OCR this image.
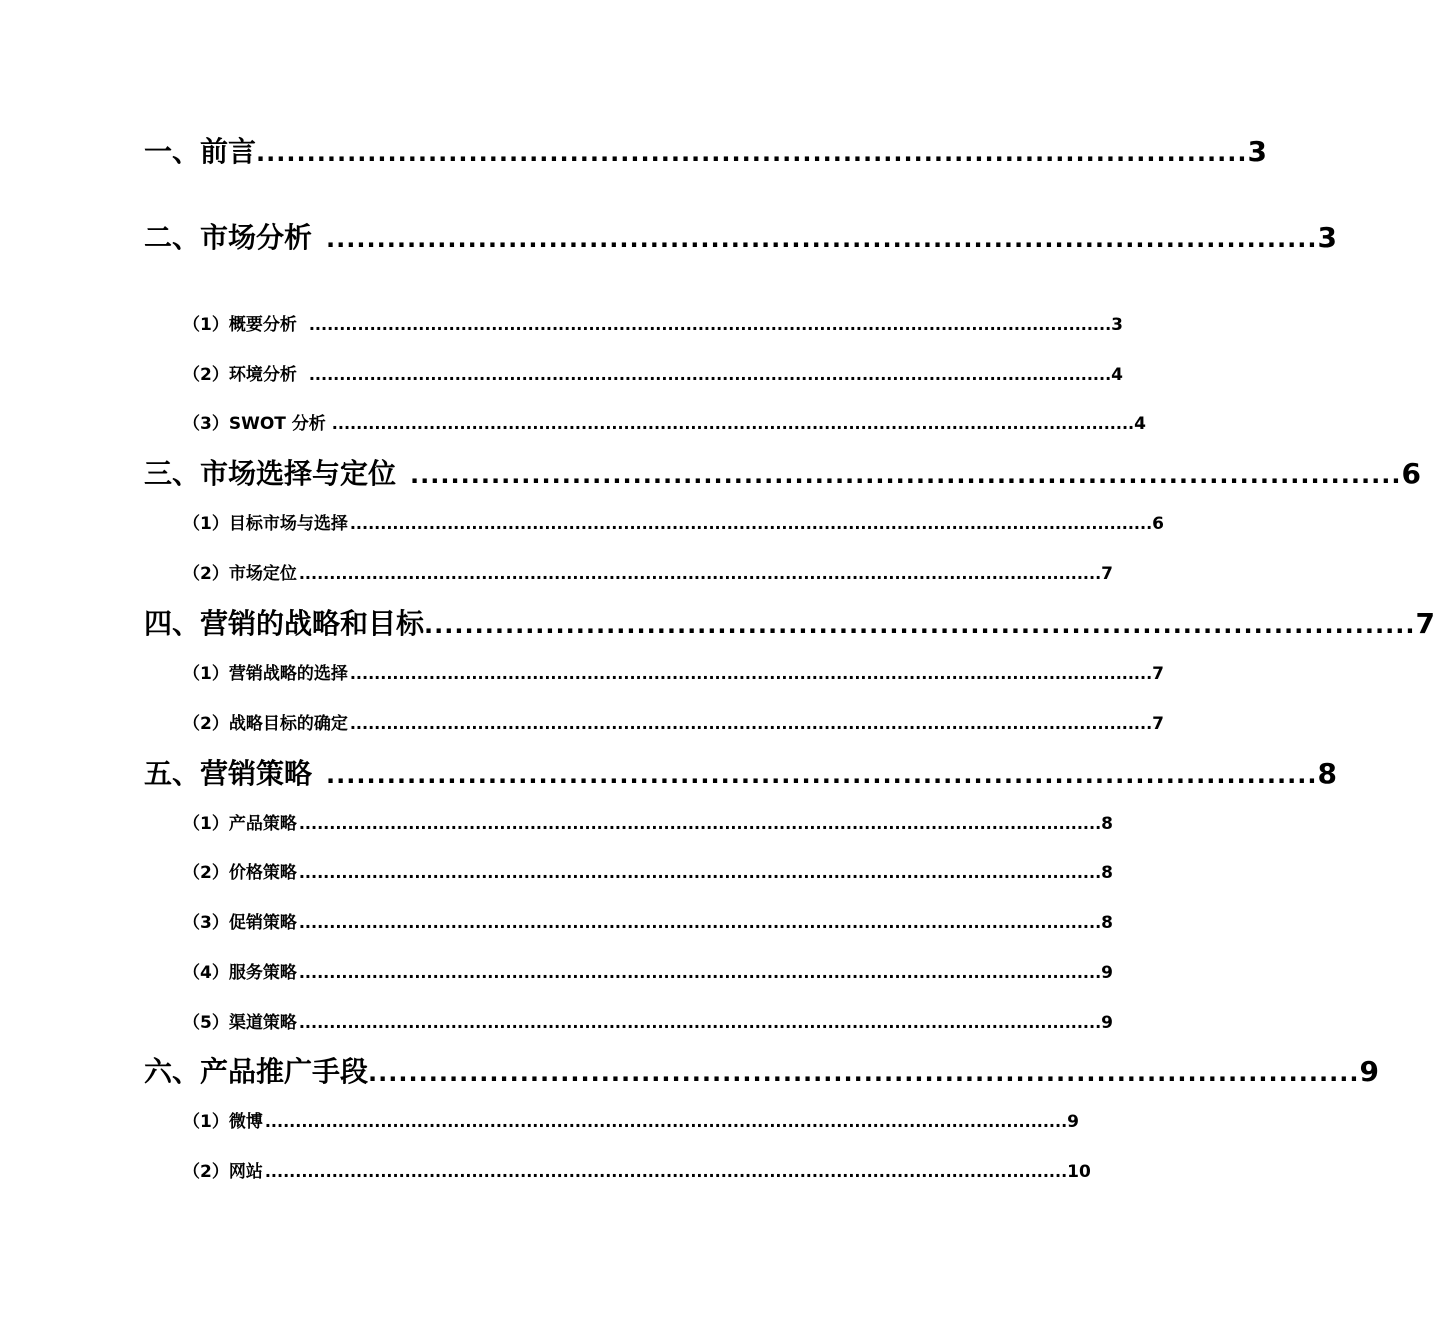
一、前言 .................................................................................................. 3
二、市场分析 .................................................................................................. 3
（1）概要分析 .................................................................................................................................... 3
（2）环境分析 .................................................................................................................................... 4
（3）SWOT 分析 .................................................................................................................................... 4
三、市场选择与定位 .................................................................................................. 6
（1）目标市场与选择 .................................................................................................................................... 6
（2）市场定位 .................................................................................................................................... 7
四、营销的战略和目标 .................................................................................................. 7
（1）营销战略的选择 .................................................................................................................................... 7
（2）战略目标的确定 .................................................................................................................................... 7
五、营销策略 .................................................................................................. 8
（1）产品策略 .................................................................................................................................... 8
（2）价格策略 .................................................................................................................................... 8
（3）促销策略 .................................................................................................................................... 8
（4）服务策略 .................................................................................................................................... 9
（5）渠道策略 .................................................................................................................................... 9
六、产品推广手段 .................................................................................................. 9
（1）微博 .................................................................................................................................... 9
（2）网站 .................................................................................................................................... 10
